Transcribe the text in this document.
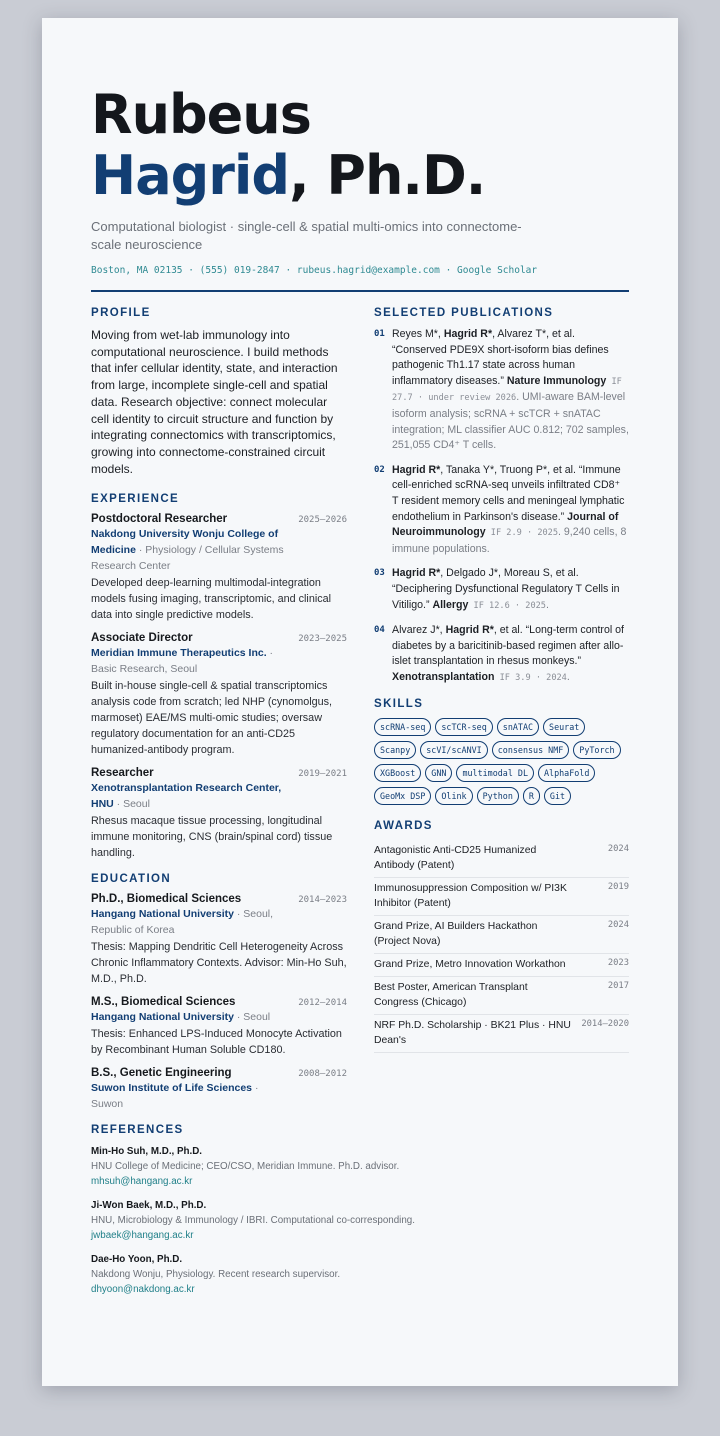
Rubeus
Hagrid, Ph.D.
Computational biologist · single-cell & spatial multi-omics into connectome-scale neuroscience
Boston, MA 02135 · (555) 019-2847 · rubeus.hagrid@example.com · Google Scholar
PROFILE
Moving from wet-lab immunology into computational neuroscience. I build methods that infer cellular identity, state, and interaction from large, incomplete single-cell and spatial data. Research objective: connect molecular cell identity to circuit structure and function by integrating connectomics with transcriptomics, growing into connectome-constrained circuit models.
EXPERIENCE
Postdoctoral Researcher	2025–2026
Nakdong University Wonju College of Medicine · Physiology / Cellular Systems Research Center
Developed deep-learning multimodal-integration models fusing imaging, transcriptomic, and clinical data into single predictive models.
Associate Director	2023–2025
Meridian Immune Therapeutics Inc. · Basic Research, Seoul
Built in-house single-cell & spatial transcriptomics analysis code from scratch; led NHP (cynomolgus, marmoset) EAE/MS multi-omic studies; oversaw regulatory documentation for an anti-CD25 humanized-antibody program.
Researcher	2019–2021
Xenotransplantation Research Center, HNU · Seoul
Rhesus macaque tissue processing, longitudinal immune monitoring, CNS (brain/spinal cord) tissue handling.
EDUCATION
Ph.D., Biomedical Sciences	2014–2023
Hangang National University · Seoul, Republic of Korea
Thesis: Mapping Dendritic Cell Heterogeneity Across Chronic Inflammatory Contexts. Advisor: Min-Ho Suh, M.D., Ph.D.
M.S., Biomedical Sciences	2012–2014
Hangang National University · Seoul
Thesis: Enhanced LPS-Induced Monocyte Activation by Recombinant Human Soluble CD180.
B.S., Genetic Engineering	2008–2012
Suwon Institute of Life Sciences · Suwon
REFERENCES
Min-Ho Suh, M.D., Ph.D.
HNU College of Medicine; CEO/CSO, Meridian Immune. Ph.D. advisor.
mhsuh@hangang.ac.kr
Ji-Won Baek, M.D., Ph.D.
HNU, Microbiology & Immunology / IBRI. Computational co-corresponding.
jwbaek@hangang.ac.kr
Dae-Ho Yoon, Ph.D.
Nakdong Wonju, Physiology. Recent research supervisor.
dhyoon@nakdong.ac.kr
SELECTED PUBLICATIONS
01 Reyes M*, Hagrid R*, Alvarez T*, et al. “Conserved PDE9X short-isoform bias defines pathogenic Th1.17 state across human inflammatory diseases.” Nature Immunology IF 27.7 · under review 2026. UMI-aware BAM-level isoform analysis; scRNA + scTCR + snATAC integration; ML classifier AUC 0.812; 702 samples, 251,055 CD4⁺ T cells.
02 Hagrid R*, Tanaka Y*, Truong P*, et al. “Immune cell-enriched scRNA-seq unveils infiltrated CD8⁺ T resident memory cells and meningeal lymphatic endothelium in Parkinson's disease.” Journal of Neuroimmunology IF 2.9 · 2025. 9,240 cells, 8 immune populations.
03 Hagrid R*, Delgado J*, Moreau S, et al. “Deciphering Dysfunctional Regulatory T Cells in Vitiligo.” Allergy IF 12.6 · 2025.
04 Alvarez J*, Hagrid R*, et al. “Long-term control of diabetes by a baricitinib-based regimen after allo-islet transplantation in rhesus monkeys.” Xenotransplantation IF 3.9 · 2024.
SKILLS
scRNA-seq	scTCR-seq	snATAC	Seurat
Scanpy	scVI/scANVI	consensus NMF	PyTorch
XGBoost	GNN	multimodal DL	AlphaFold
GeoMx DSP	Olink	Python	R	Git
AWARDS
Antagonistic Anti-CD25 Humanized Antibody (Patent)
2024
Immunosuppression Composition w/ PI3K Inhibitor (Patent)
2019
Grand Prize, AI Builders Hackathon (Project Nova)
2024
Grand Prize, Metro Innovation Workathon	2023
Best Poster, American Transplant Congress (Chicago)
2017
NRF Ph.D. Scholarship · BK21 Plus · HNU Dean's
2014–2020
